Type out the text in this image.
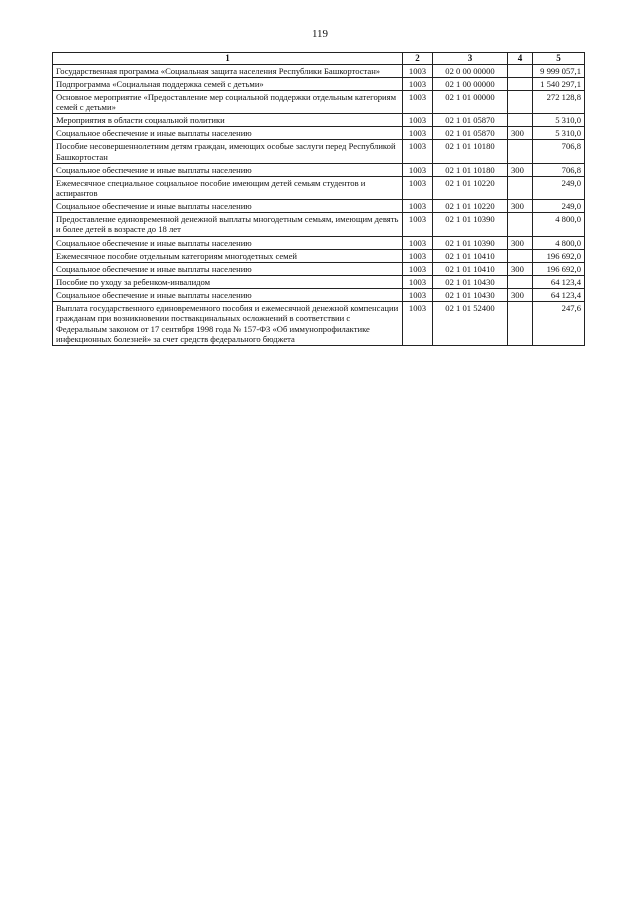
119
1	2	3	4	5
Государственная программа «Социальная защита населения Республики Башкортостан»	1003	02 0 00 00000		9 999 057,1
Подпрограмма «Социальная поддержка семей с детьми»	1003	02 1 00 00000		1 540 297,1
Основное мероприятие «Предоставление мер социальной поддержки отдельным категориям семей с детьми»	1003	02 1 01 00000		272 128,8
Мероприятия в области социальной политики	1003	02 1 01 05870		5 310,0
Социальное обеспечение и иные выплаты населению	1003	02 1 01 05870	300	5 310,0
Пособие несовершеннолетним детям граждан, имеющих особые заслуги перед Республикой Башкортостан	1003	02 1 01 10180		706,8
Социальное обеспечение и иные выплаты населению	1003	02 1 01 10180	300	706,8
Ежемесячное специальное социальное пособие имеющим детей семьям студентов и аспирантов	1003	02 1 01 10220		249,0
Социальное обеспечение и иные выплаты населению	1003	02 1 01 10220	300	249,0
Предоставление единовременной денежной выплаты многодетным семьям, имеющим девять и более детей в возрасте до 18 лет	1003	02 1 01 10390		4 800,0
Социальное обеспечение и иные выплаты населению	1003	02 1 01 10390	300	4 800,0
Ежемесячное пособие отдельным категориям многодетных семей	1003	02 1 01 10410		196 692,0
Социальное обеспечение и иные выплаты населению	1003	02 1 01 10410	300	196 692,0
Пособие по уходу за ребенком-инвалидом	1003	02 1 01 10430		64 123,4
Социальное обеспечение и иные выплаты населению	1003	02 1 01 10430	300	64 123,4
Выплата государственного единовременного пособия и ежемесячной денежной компенсации гражданам при возникновении поствакцинальных осложнений в соответствии с Федеральным законом от 17 сентября 1998 года № 157-ФЗ «Об иммунопрофилактике инфекционных болезней» за счет средств федерального бюджета	1003	02 1 01 52400		247,6
